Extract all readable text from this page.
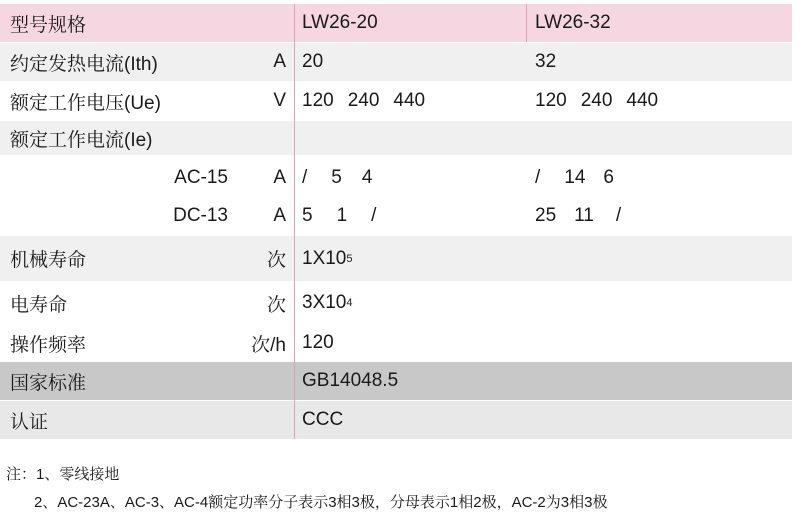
型号规格	LW26-20	LW26-32
约定发热电流(Ith)	A 20	32
额定工作电压(Ue)	V 120 240 440	120 240 440
额定工作电流(Ie)
AC-15 A / 5 4	/ 14 6
DC-13 A 5 1 /	25 11 /
机械寿命	次 1X10 5
电寿命	次 3X10 4
操作频率	次/h 120
国家标准	GB14048.5
认证	CCC
注：1、零线接地
2、AC-23A、AC-3、AC-4额定功率分子表示3相3极，分母表示1相2极，AC-2为3相3极
